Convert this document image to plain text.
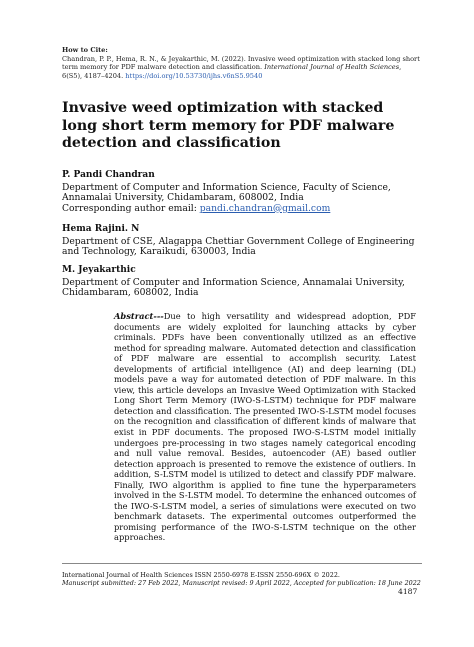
How to Cite:
Chandran, P. P., Hema, R. N., & Jeyakarthic, M. (2022). Invasive weed optimization with stacked long short term memory for PDF malware detection and classification. International Journal of Health Sciences, 6(S5), 4187–4204. https://doi.org/10.53730/ijhs.v6nS5.9540
Invasive weed optimization with stacked long short term memory for PDF malware detection and classification
P. Pandi Chandran
Department of Computer and Information Science, Faculty of Science, Annamalai University, Chidambaram, 608002, India
Corresponding author email: pandi.chandran@gmail.com
Hema Rajini. N
Department of CSE, Alagappa Chettiar Government College of Engineering and Technology, Karaikudi, 630003, India
M. Jeyakarthic
Department of Computer and Information Science, Annamalai University, Chidambaram, 608002, India
Abstract---Due to high versatility and widespread adoption, PDF documents are widely exploited for launching attacks by cyber criminals. PDFs have been conventionally utilized as an effective method for spreading malware. Automated detection and classification of PDF malware are essential to accomplish security. Latest developments of artificial intelligence (AI) and deep learning (DL) models pave a way for automated detection of PDF malware. In this view, this article develops an Invasive Weed Optimization with Stacked Long Short Term Memory (IWO-S-LSTM) technique for PDF malware detection and classification. The presented IWO-S-LSTM model focuses on the recognition and classification of different kinds of malware that exist in PDF documents. The proposed IWO-S-LSTM model initially undergoes pre-processing in two stages namely categorical encoding and null value removal. Besides, autoencoder (AE) based outlier detection approach is presented to remove the existence of outliers. In addition, S-LSTM model is utilized to detect and classify PDF malware. Finally, IWO algorithm is applied to fine tune the hyperparameters involved in the S-LSTM model. To determine the enhanced outcomes of the IWO-S-LSTM model, a series of simulations were executed on two benchmark datasets. The experimental outcomes outperformed the promising performance of the IWO-S-LSTM technique on the other approaches.
International Journal of Health Sciences ISSN 2550-6978 E-ISSN 2550-696X © 2022.
Manuscript submitted: 27 Feb 2022, Manuscript revised: 9 April 2022, Accepted for publication: 18 June 2022
4187
